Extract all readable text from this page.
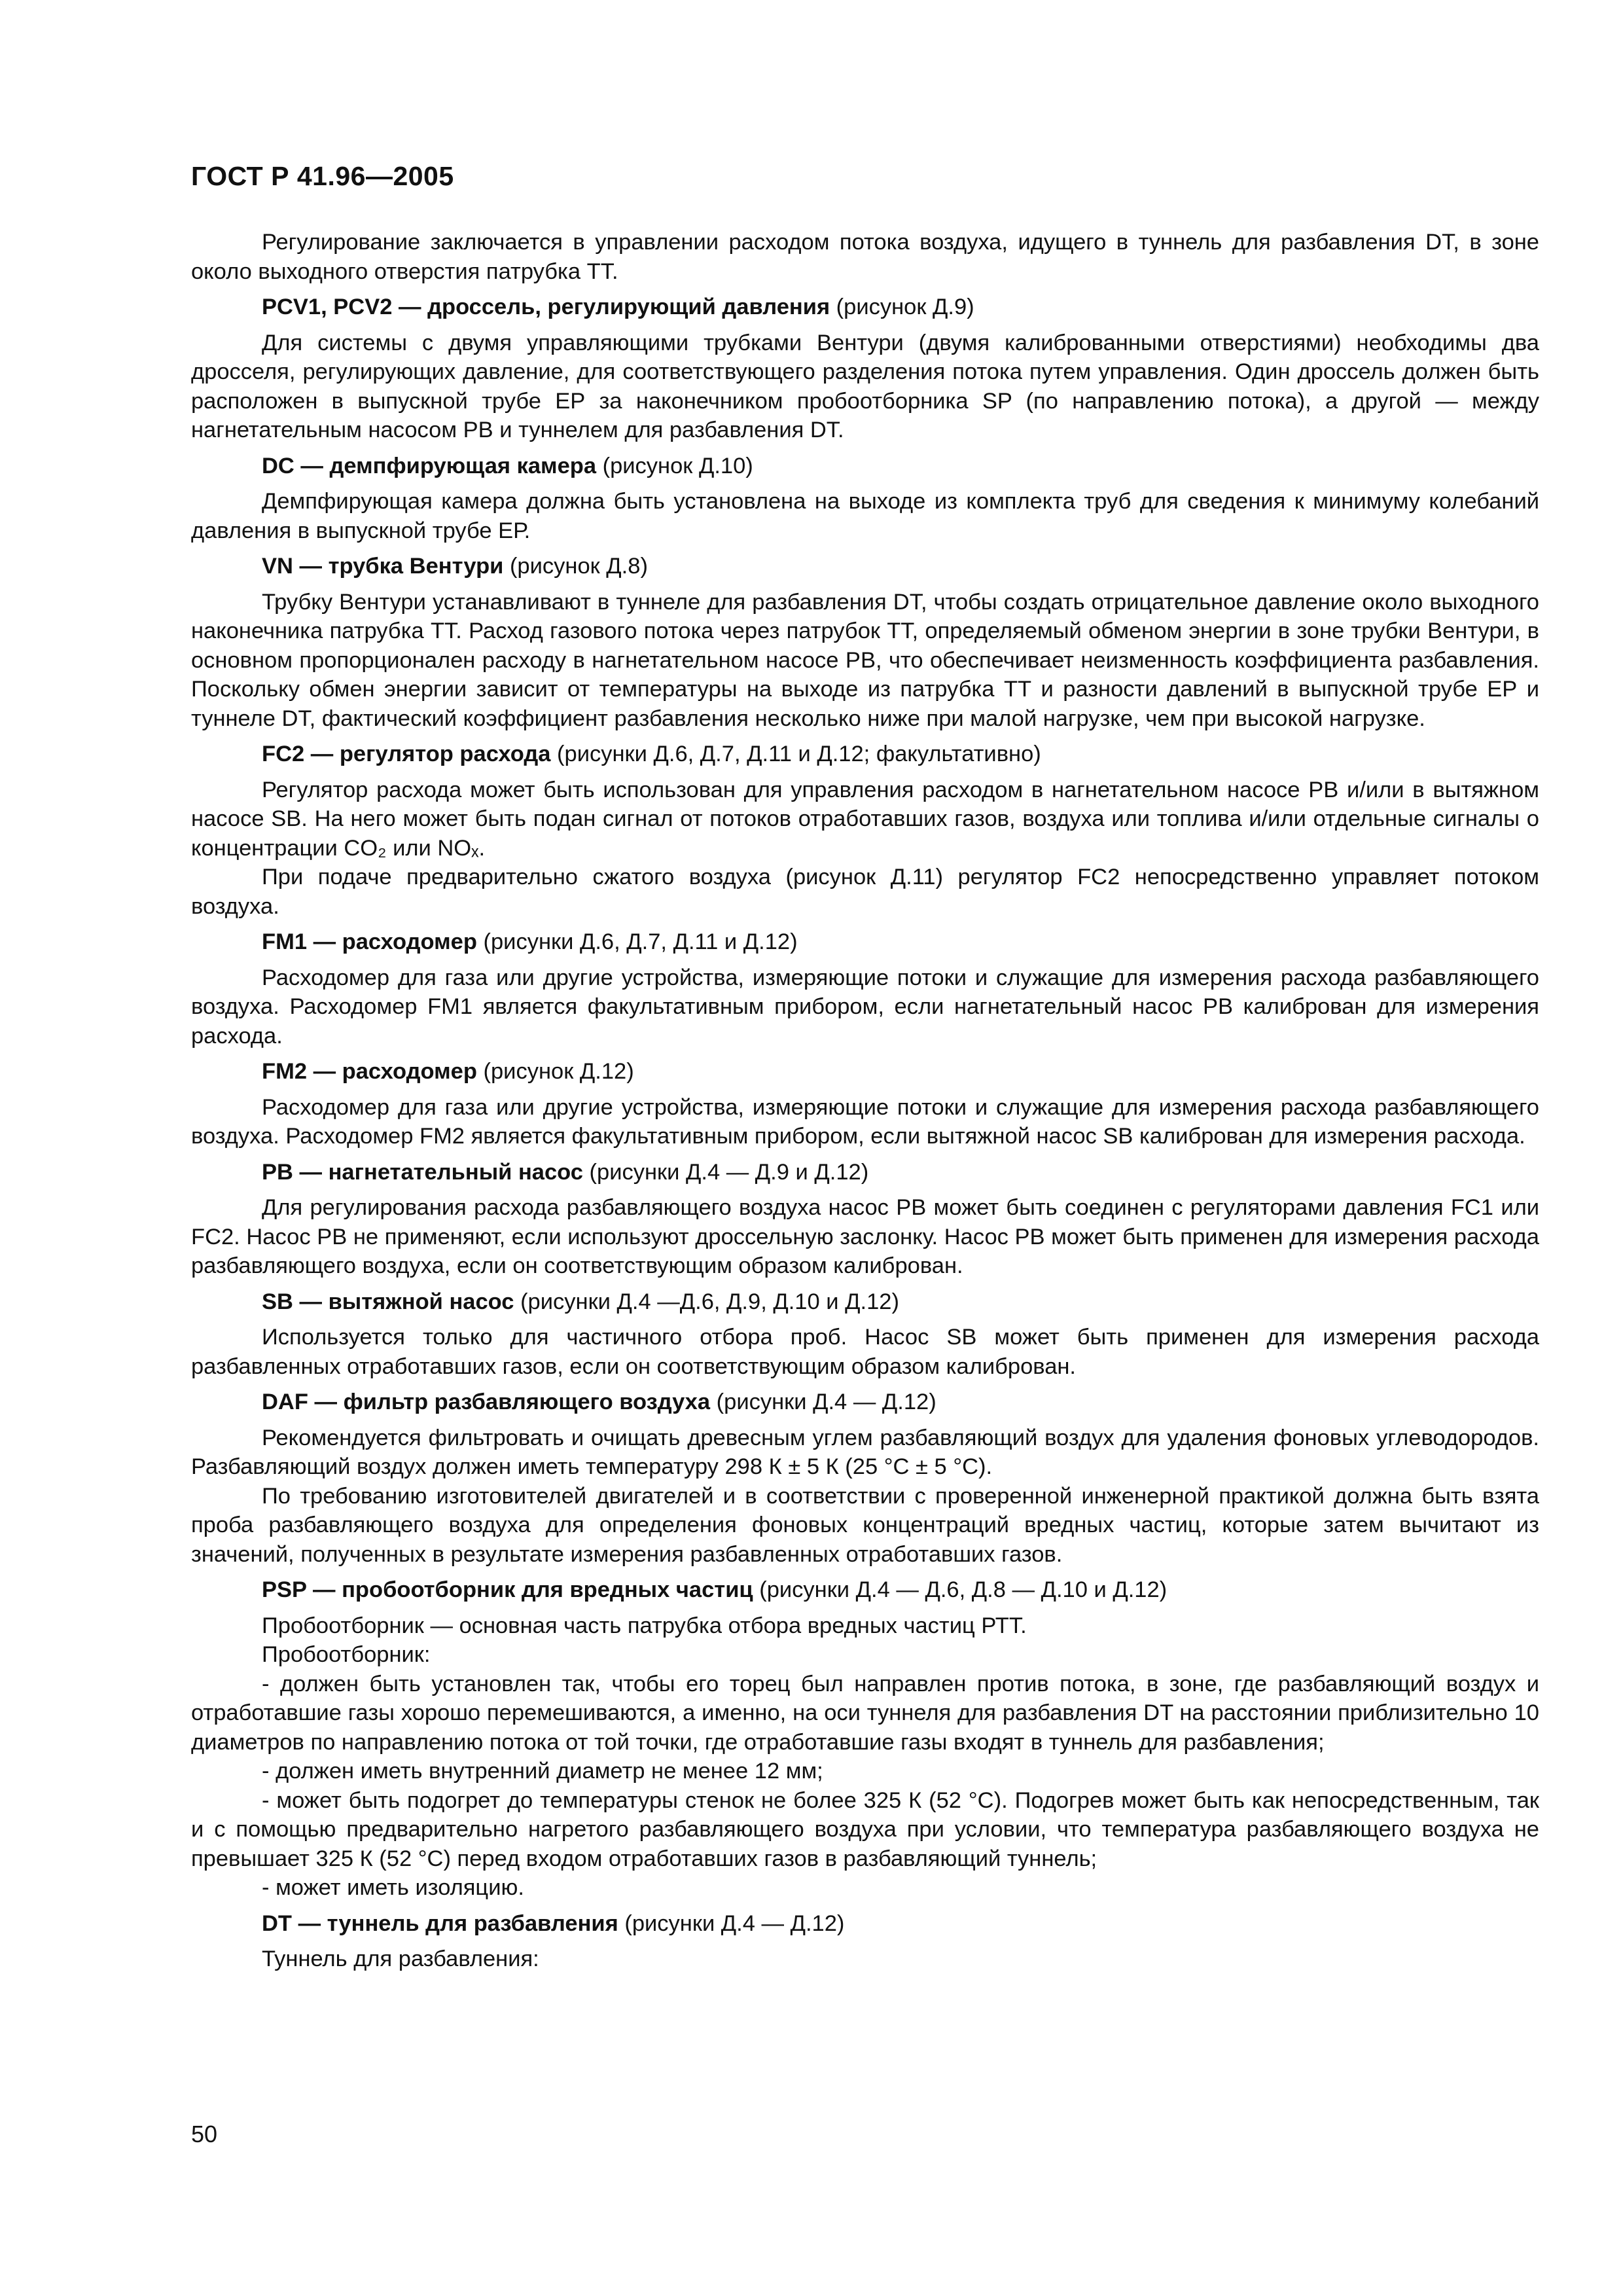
ГОСТ Р 41.96—2005

Регулирование заключается в управлении расходом потока воздуха, идущего в туннель для разбавления DT, в зоне около выходного отверстия патрубка ТТ.

PCV1, PCV2 — дроссель, регулирующий давления (рисунок Д.9)

Для системы с двумя управляющими трубками Вентури (двумя калиброванными отверстиями) необходимы два дросселя, регулирующих давление, для соответствующего разделения потока путем управления. Один дроссель должен быть расположен в выпускной трубе ЕР за наконечником пробоотборника SP (по направлению потока), а другой — между нагнетательным насосом РВ и туннелем для разбавления DT.

DC — демпфирующая камера (рисунок Д.10)

Демпфирующая камера должна быть установлена на выходе из комплекта труб для сведения к минимуму колебаний давления в выпускной трубе ЕР.

VN — трубка Вентури (рисунок Д.8)

Трубку Вентури устанавливают в туннеле для разбавления DT, чтобы создать отрицательное давление около выходного наконечника патрубка ТТ. Расход газового потока через патрубок ТТ, определяемый обменом энергии в зоне трубки Вентури, в основном пропорционален расходу в нагнетательном насосе РВ, что обеспечивает неизменность коэффициента разбавления. Поскольку обмен энергии зависит от температуры на выходе из патрубка ТТ и разности давлений в выпускной трубе ЕР и туннеле DT, фактический коэффициент разбавления несколько ниже при малой нагрузке, чем при высокой нагрузке.

FC2 — регулятор расхода (рисунки Д.6, Д.7, Д.11 и Д.12; факультативно)

Регулятор расхода может быть использован для управления расходом в нагнетательном насосе РВ и/или в вытяжном насосе SB. На него может быть подан сигнал от потоков отработавших газов, воздуха или топлива и/или отдельные сигналы о концентрации CO₂ или NOₓ.

При подаче предварительно сжатого воздуха (рисунок Д.11) регулятор FC2 непосредственно управляет потоком воздуха.

FM1 — расходомер (рисунки Д.6, Д.7, Д.11 и Д.12)

Расходомер для газа или другие устройства, измеряющие потоки и служащие для измерения расхода разбавляющего воздуха. Расходомер FM1 является факультативным прибором, если нагнетательный насос РВ калиброван для измерения расхода.

FM2 — расходомер (рисунок Д.12)

Расходомер для газа или другие устройства, измеряющие потоки и служащие для измерения расхода разбавляющего воздуха. Расходомер FM2 является факультативным прибором, если вытяжной насос SB калиброван для измерения расхода.

PB — нагнетательный насос (рисунки Д.4 — Д.9 и Д.12)

Для регулирования расхода разбавляющего воздуха насос РВ может быть соединен с регуляторами давления FC1 или FC2. Насос РВ не применяют, если используют дроссельную заслонку. Насос РВ может быть применен для измерения расхода разбавляющего воздуха, если он соответствующим образом калиброван.

SB — вытяжной насос (рисунки Д.4 —Д.6, Д.9, Д.10 и Д.12)

Используется только для частичного отбора проб. Насос SB может быть применен для измерения расхода разбавленных отработавших газов, если он соответствующим образом калиброван.

DAF — фильтр разбавляющего воздуха (рисунки Д.4 — Д.12)

Рекомендуется фильтровать и очищать древесным углем разбавляющий воздух для удаления фоновых углеводородов. Разбавляющий воздух должен иметь температуру 298 К ± 5 К (25 °С ± 5 °С).

По требованию изготовителей двигателей и в соответствии с проверенной инженерной практикой должна быть взята проба разбавляющего воздуха для определения фоновых концентраций вредных частиц, которые затем вычитают из значений, полученных в результате измерения разбавленных отработавших газов.

PSP — пробоотборник для вредных частиц (рисунки Д.4 — Д.6, Д.8 — Д.10 и Д.12)

Пробоотборник — основная часть патрубка отбора вредных частиц РТТ.

Пробоотборник:

- должен быть установлен так, чтобы его торец был направлен против потока, в зоне, где разбавляющий воздух и отработавшие газы хорошо перемешиваются, а именно, на оси туннеля для разбавления DT на расстоянии приблизительно 10 диаметров по направлению потока от той точки, где отработавшие газы входят в туннель для разбавления;

- должен иметь внутренний диаметр не менее 12 мм;

- может быть подогрет до температуры стенок не более 325 К (52 °С). Подогрев может быть как непосредственным, так и с помощью предварительно нагретого разбавляющего воздуха при условии, что температура разбавляющего воздуха не превышает 325 К (52 °С) перед входом отработавших газов в разбавляющий туннель;

- может иметь изоляцию.

DT — туннель для разбавления (рисунки Д.4 — Д.12)

Туннель для разбавления:

50
